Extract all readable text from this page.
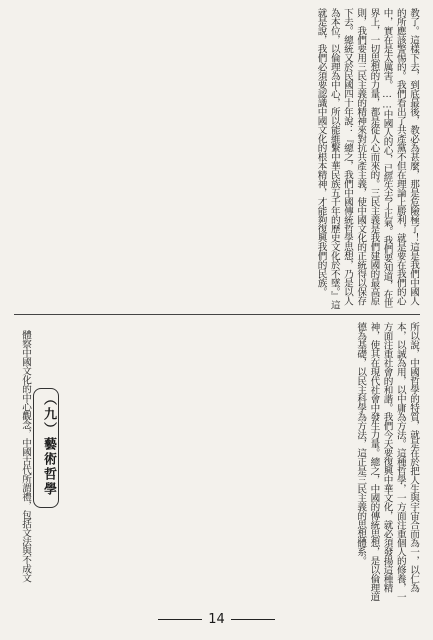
教了。這樣下去，到底最後，教必為甚麼，那是危險極了！這是我們中國人的所應該警惕的。我們看出了共產黨不但在理論上勝利，就是要在我們的心中，實在是太厲害。……中國人的心，已經失去了正氣。我們要知道，在世界上，一切思想的力量，都是從人心而來的。三民主義是我們建國的最高原則，我們要用三民主義的精神來對抗共產主義，使中國文化的正統得以保存下去。總統又於民國四十年說：『總之，我們中國傳統哲學思想，乃是以人為本位，以倫理為中心，所以能維繫中華民族五千年的歷史文化於不墜。』這就是說，我們必須要認識中國文化的根本精神，才能夠復興我們的民族。
所以說，中國哲學的特質，就是在於把人生與宇宙合而為一，以仁為本，以誠為用，以中庸為方法。這種哲學，一方面注重個人的修養，一方面注重社會的和諧。我們今天要復興中華文化，就必須發揚這種精神，使其在現代社會中發生力量。總之，中國的傳統思想，是以倫理道德為基礎，以民主科學為方法，這正是三民主義的思想體系。
（九）藝術哲學
體察中國文化的中心觀念，中國古代所謂禮，包括文法與不成文
14
